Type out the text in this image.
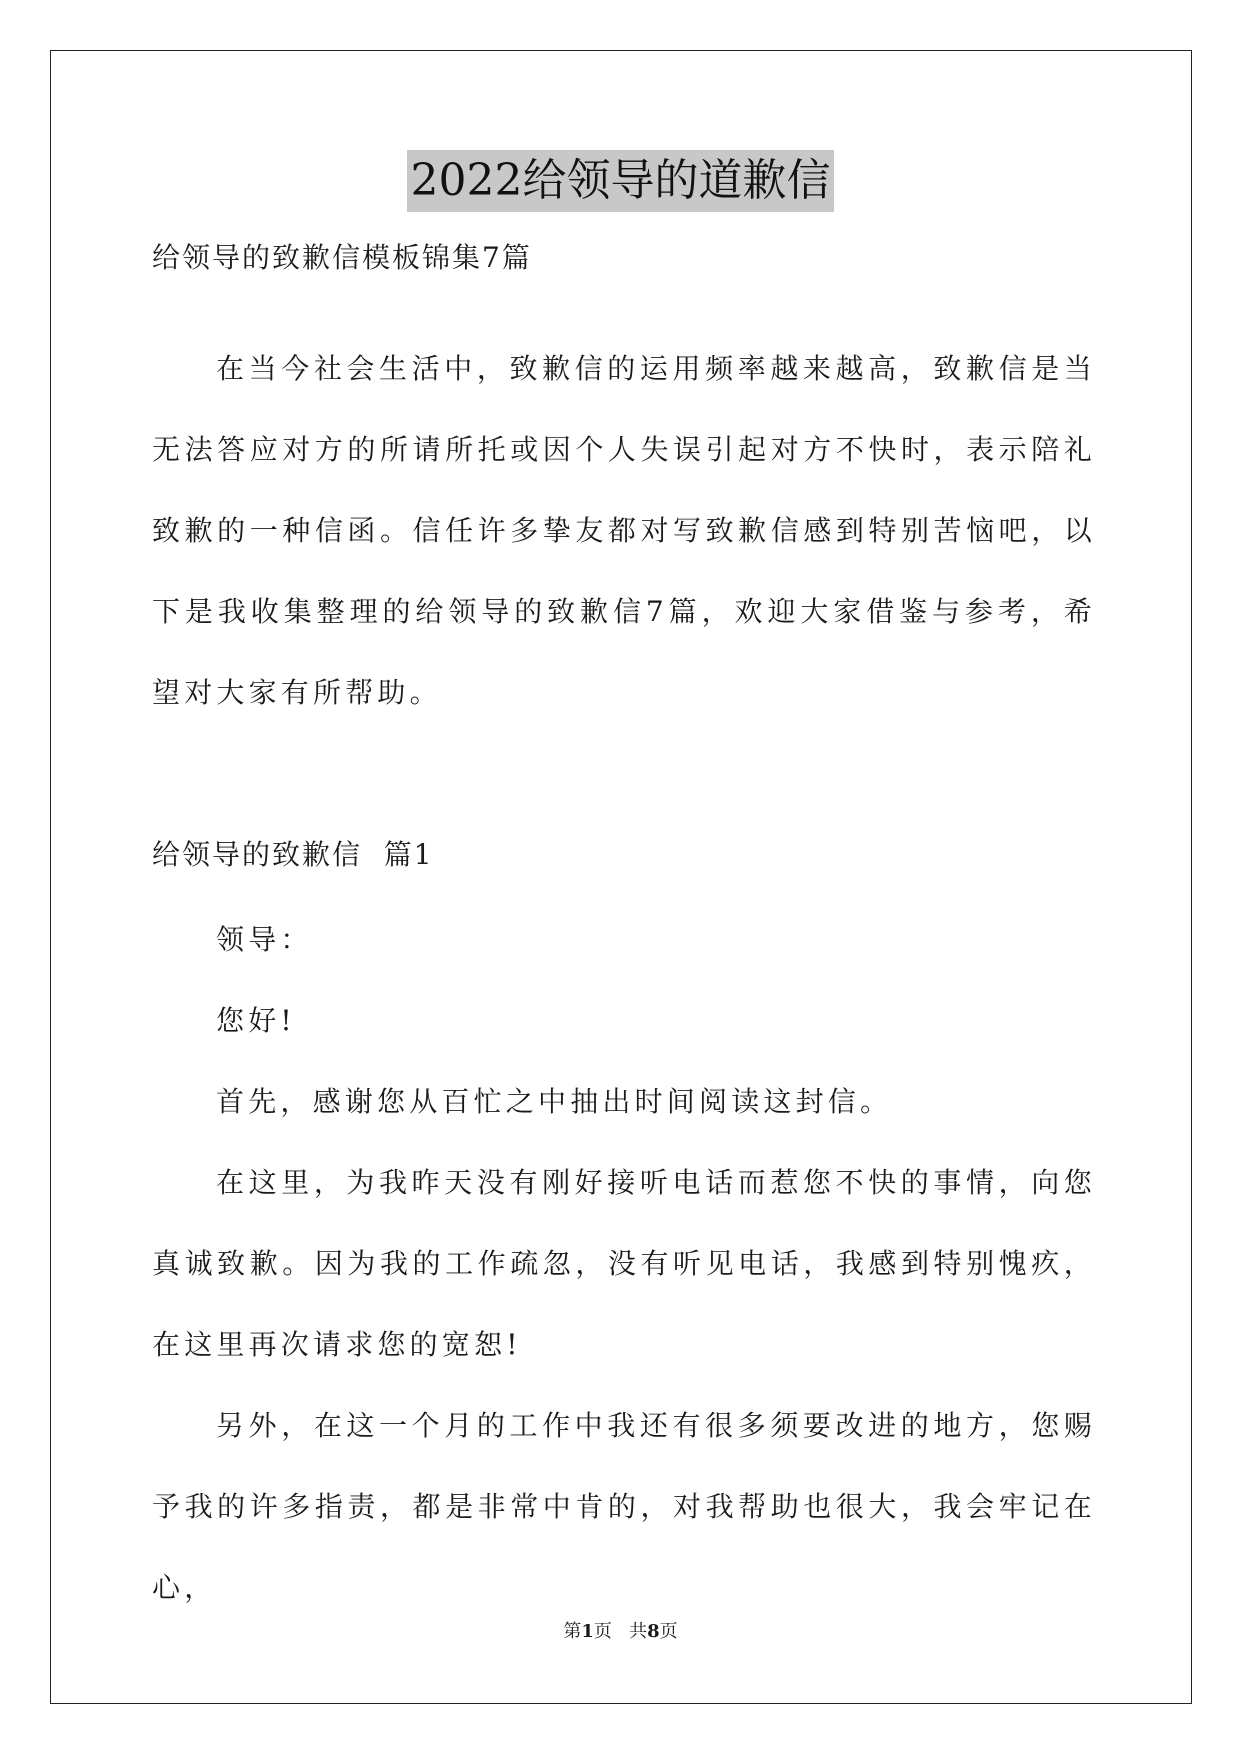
2022给领导的道歉信
给领导的致歉信模板锦集7篇

在当今社会生活中，致歉信的运用频率越来越高，致歉信是当无法答应对方的所请所托或因个人失误引起对方不快时，表示陪礼致歉的一种信函。信任许多挚友都对写致歉信感到特别苦恼吧，以下是我收集整理的给领导的致歉信7篇，欢迎大家借鉴与参考，希望对大家有所帮助。

给领导的致歉信  篇1

领导：

您好!

首先，感谢您从百忙之中抽出时间阅读这封信。

在这里，为我昨天没有刚好接听电话而惹您不快的事情，向您真诚致歉。因为我的工作疏忽，没有听见电话，我感到特别愧疚，在这里再次请求您的宽恕!

另外，在这一个月的工作中我还有很多须要改进的地方，您赐予我的许多指责，都是非常中肯的，对我帮助也很大，我会牢记在心，

第1页   共8页
